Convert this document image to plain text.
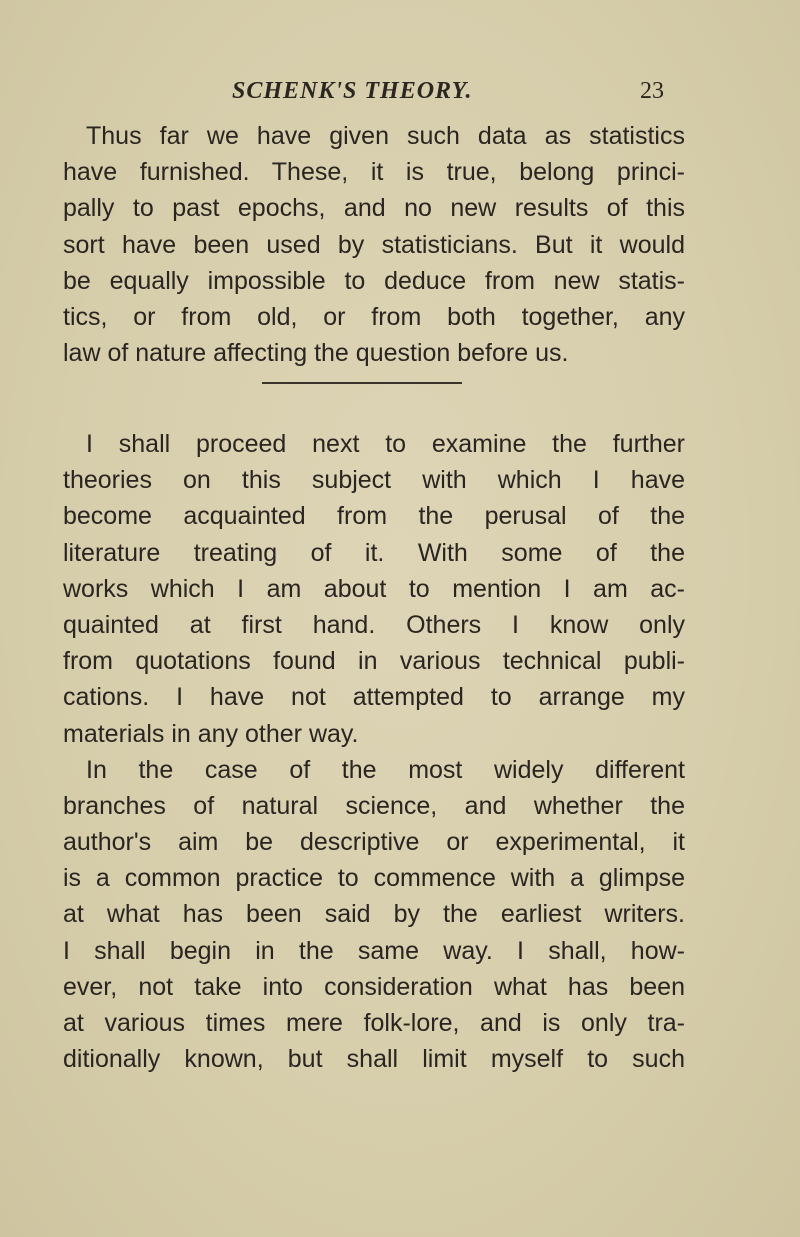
SCHENK'S THEORY.	23
Thus far we have given such data as statistics
have furnished. These, it is true, belong princi-
pally to past epochs, and no new results of this
sort have been used by statisticians. But it would
be equally impossible to deduce from new statis-
tics, or from old, or from both together, any
law of nature affecting the question before us.
I shall proceed next to examine the further
theories on this subject with which I have
become acquainted from the perusal of the
literature treating of it. With some of the
works which I am about to mention I am ac-
quainted at first hand. Others I know only
from quotations found in various technical publi-
cations. I have not attempted to arrange my
materials in any other way.
In the case of the most widely different
branches of natural science, and whether the
author's aim be descriptive or experimental, it
is a common practice to commence with a glimpse
at what has been said by the earliest writers.
I shall begin in the same way. I shall, how-
ever, not take into consideration what has been
at various times mere folk-lore, and is only tra-
ditionally known, but shall limit myself to such
